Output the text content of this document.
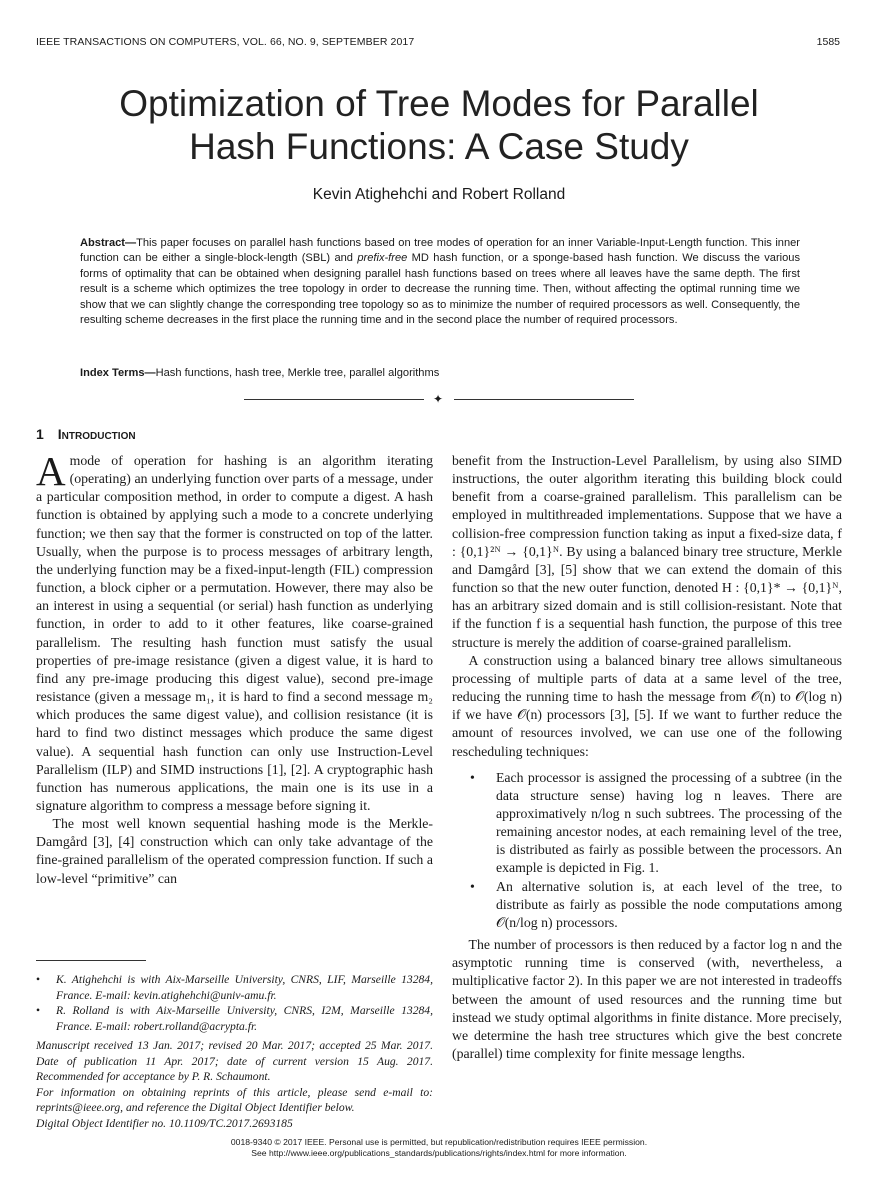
IEEE TRANSACTIONS ON COMPUTERS, VOL. 66, NO. 9, SEPTEMBER 2017	1585
Optimization of Tree Modes for Parallel
Hash Functions: A Case Study
Kevin Atighehchi and Robert Rolland
Abstract—This paper focuses on parallel hash functions based on tree modes of operation for an inner Variable-Input-Length function. This inner function can be either a single-block-length (SBL) and prefix-free MD hash function, or a sponge-based hash function. We discuss the various forms of optimality that can be obtained when designing parallel hash functions based on trees where all leaves have the same depth. The first result is a scheme which optimizes the tree topology in order to decrease the running time. Then, without affecting the optimal running time we show that we can slightly change the corresponding tree topology so as to minimize the number of required processors as well. Consequently, the resulting scheme decreases in the first place the running time and in the second place the number of required processors.
Index Terms—Hash functions, hash tree, Merkle tree, parallel algorithms
✦
1 Introduction

A mode of operation for hashing is an algorithm iterating (operating) an underlying function over parts of a message, under a particular composition method, in order to compute a digest. A hash function is obtained by applying such a mode to a concrete underlying function; we then say that the former is constructed on top of the latter. Usually, when the purpose is to process messages of arbitrary length, the underlying function may be a fixed-input-length (FIL) compression function, a block cipher or a permutation. However, there may also be an interest in using a sequential (or serial) hash function as underlying function, in order to add to it other features, like coarse-grained parallelism. The resulting hash function must satisfy the usual properties of pre-image resistance (given a digest value, it is hard to find any pre-image producing this digest value), second pre-image resistance (given a message m₁, it is hard to find a second message m₂ which produces the same digest value), and collision resistance (it is hard to find two distinct messages which produce the same digest value). A sequential hash function can only use Instruction-Level Parallelism (ILP) and SIMD instructions [1], [2]. A cryptographic hash function has numerous applications, the main one is its use in a signature algorithm to compress a message before signing it.

The most well known sequential hashing mode is the Merkle-Damgård [3], [4] construction which can only take advantage of the fine-grained parallelism of the operated compression function. If such a low-level “primitive” can

• K. Atighehchi is with Aix-Marseille University, CNRS, LIF, Marseille 13284, France. E-mail: kevin.atighehchi@univ-amu.fr.
• R. Rolland is with Aix-Marseille University, CNRS, I2M, Marseille 13284, France. E-mail: robert.rolland@acrypta.fr.
Manuscript received 13 Jan. 2017; revised 20 Mar. 2017; accepted 25 Mar. 2017. Date of publication 11 Apr. 2017; date of current version 15 Aug. 2017. Recommended for acceptance by P. R. Schaumont.
For information on obtaining reprints of this article, please send e-mail to: reprints@ieee.org, and reference the Digital Object Identifier below.
Digital Object Identifier no. 10.1109/TC.2017.2693185

benefit from the Instruction-Level Parallelism, by using also SIMD instructions, the outer algorithm iterating this building block could benefit from a coarse-grained parallelism. This parallelism can be employed in multithreaded implementations. Suppose that we have a collision-free compression function taking as input a fixed-size data, f : {0,1}²ᴺ → {0,1}ᴺ. By using a balanced binary tree structure, Merkle and Damgård [3], [5] show that we can extend the domain of this function so that the new outer function, denoted H : {0,1}* → {0,1}ᴺ, has an arbitrary sized domain and is still collision-resistant. Note that if the function f is a sequential hash function, the purpose of this tree structure is merely the addition of coarse-grained parallelism.

A construction using a balanced binary tree allows simultaneous processing of multiple parts of data at a same level of the tree, reducing the running time to hash the message from 𝒪(n) to 𝒪(log n) if we have 𝒪(n) processors [3], [5]. If we want to further reduce the amount of resources involved, we can use one of the following rescheduling techniques:

• Each processor is assigned the processing of a subtree (in the data structure sense) having log n leaves. There are approximatively n/log n such subtrees. The processing of the remaining ancestor nodes, at each remaining level of the tree, is distributed as fairly as possible between the processors. An example is depicted in Fig. 1.
• An alternative solution is, at each level of the tree, to distribute as fairly as possible the node computations among 𝒪(n/log n) processors.

The number of processors is then reduced by a factor log n and the asymptotic running time is conserved (with, nevertheless, a multiplicative factor 2). In this paper we are not interested in tradeoffs between the amount of used resources and the running time but instead we study optimal algorithms in finite distance. More precisely, we determine the hash tree structures which give the best concrete (parallel) time complexity for finite message lengths.

0018-9340 © 2017 IEEE. Personal use is permitted, but republication/redistribution requires IEEE permission.
See http://www.ieee.org/publications_standards/publications/rights/index.html for more information.
